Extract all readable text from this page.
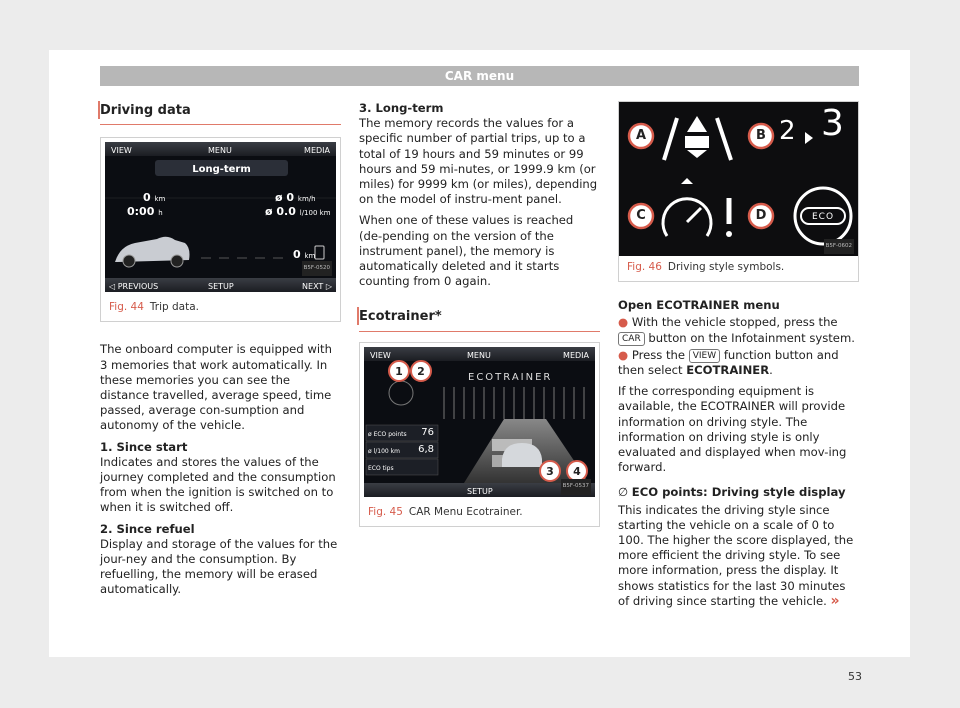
CAR menu
Driving data
VIEW	MENU	MEDIA
Long-term
0 km
0:00 h
ø 0 km/h
ø 0.0 l/100 km
0 km
◁ PREVIOUS	SETUP	NEXT ▷
B5F-0520
Fig. 44 Trip data.

The onboard computer is equipped with 3 memories that work automatically. In these memories you can see the distance travelled, average speed, time passed, average con-sumption and autonomy of the vehicle.

1. Since start

Indicates and stores the values of the journey completed and the consumption from when the ignition is switched on to when it is switched off.

2. Since refuel

Display and storage of the values for the jour-ney and the consumption. By refuelling, the memory will be erased automatically.

3. Long-term

The memory records the values for a specific number of partial trips, up to a total of 19 hours and 59 minutes or 99 hours and 59 mi-nutes, or 1999.9 km (or miles) for 9999 km (or miles), depending on the model of instru-ment panel.

When one of these values is reached (de-pending on the version of the instrument panel), the memory is automatically deleted and it starts counting from 0 again.

Ecotrainer*
VIEW	MENU	MEDIA
ECOTRAINER
1	2
3	4
ø ECO points 76
ø l/100 km 6,8
ECO tips
SETUP
B5F-0537
Fig. 45 CAR Menu Ecotrainer.
A	B
C	D
2 3
ECO
B5F-0602
Fig. 46 Driving style symbols.

Open ECOTRAINER menu

● With the vehicle stopped, press the CAR button on the Infotainment system.

● Press the VIEW function button and then select ECOTRAINER.

If the corresponding equipment is available, the ECOTRAINER will provide information on driving style. The information on driving style is only evaluated and displayed when mov-ing forward.

∅ ECO points: Driving style display

This indicates the driving style since starting the vehicle on a scale of 0 to 100. The higher the score displayed, the more efficient the driving style. To see more information, press the display. It shows statistics for the last 30 minutes of driving since starting the vehicle. »

53
